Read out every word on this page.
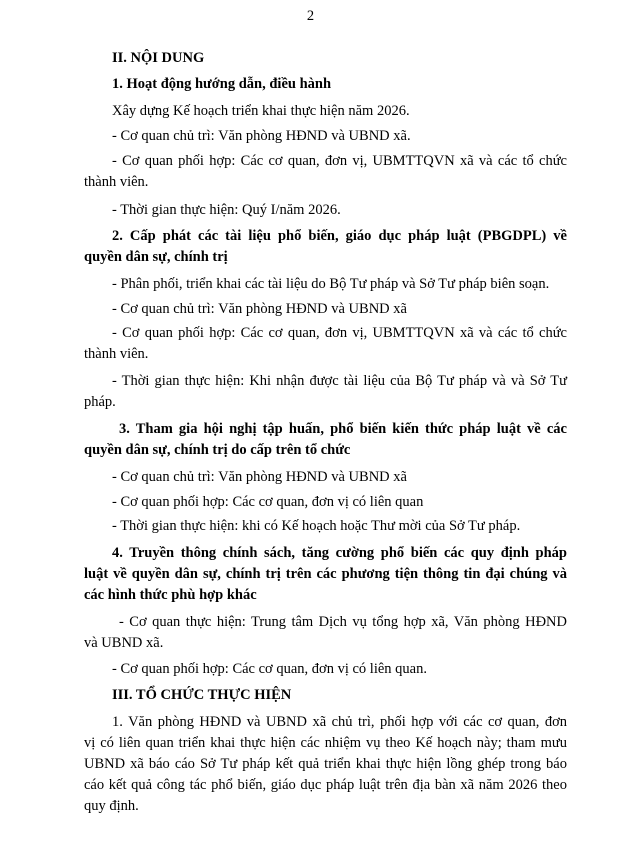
2
II. NỘI DUNG
1. Hoạt động hướng dẫn, điều hành
Xây dựng Kế hoạch triển khai thực hiện năm 2026.
- Cơ quan chủ trì: Văn phòng HĐND và UBND xã.
- Cơ quan phối hợp: Các cơ quan, đơn vị, UBMTTQVN xã và các tổ chức
thành viên.
- Thời gian thực hiện: Quý I/năm 2026.
2. Cấp phát các tài liệu phổ biến, giáo dục pháp luật (PBGDPL) về
quyền dân sự, chính trị
- Phân phối, triển khai các tài liệu do Bộ Tư pháp và Sở Tư pháp biên soạn.
- Cơ quan chủ trì: Văn phòng HĐND và UBND xã
- Cơ quan phối hợp: Các cơ quan, đơn vị, UBMTTQVN xã và các tổ chức
thành viên.
- Thời gian thực hiện: Khi nhận được tài liệu của Bộ Tư pháp và và Sở Tư
pháp.
3. Tham gia hội nghị tập huấn, phổ biến kiến thức pháp luật về các
quyền dân sự, chính trị do cấp trên tổ chức
- Cơ quan chủ trì: Văn phòng HĐND và UBND xã
- Cơ quan phối hợp: Các cơ quan, đơn vị có liên quan
- Thời gian thực hiện: khi có Kế hoạch hoặc Thư mời của Sở Tư pháp.
4. Truyền thông chính sách, tăng cường phổ biến các quy định pháp
luật về quyền dân sự, chính trị trên các phương tiện thông tin đại chúng và
các hình thức phù hợp khác
- Cơ quan thực hiện: Trung tâm Dịch vụ tổng hợp xã, Văn phòng HĐND
và UBND xã.
- Cơ quan phối hợp: Các cơ quan, đơn vị có liên quan.
III. TỔ CHỨC THỰC HIỆN
1. Văn phòng HĐND và UBND xã chủ trì, phối hợp với các cơ quan, đơn
vị có liên quan triển khai thực hiện các nhiệm vụ theo Kế hoạch này; tham mưu
UBND xã báo cáo Sở Tư pháp kết quả triển khai thực hiện lồng ghép trong báo
cáo kết quả công tác phổ biến, giáo dục pháp luật trên địa bàn xã năm 2026 theo
quy định.
